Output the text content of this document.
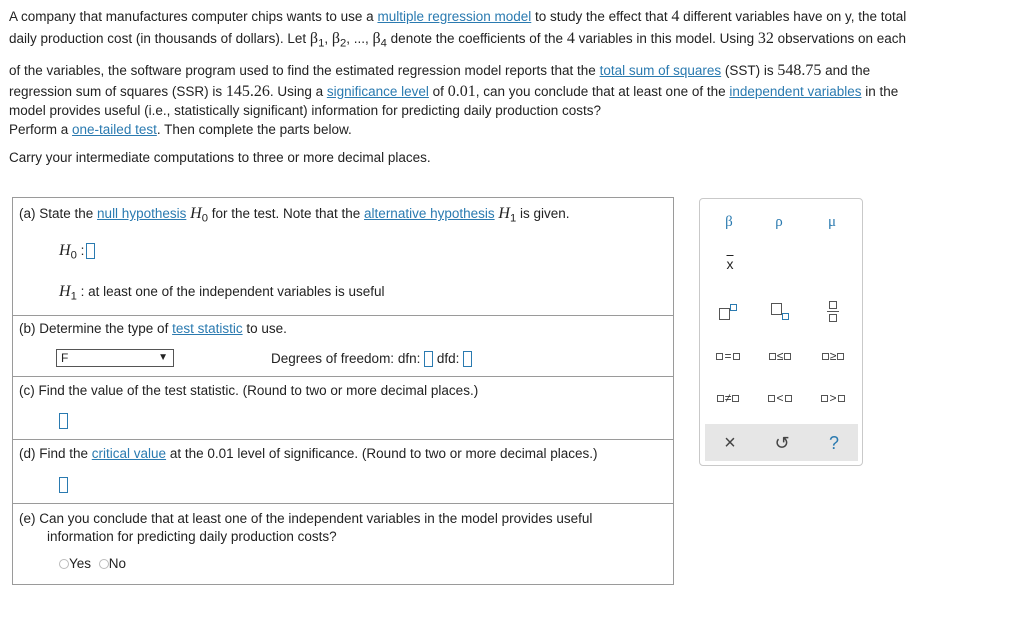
A company that manufactures computer chips wants to use a multiple regression model to study the effect that 4 different variables have on y, the total

daily production cost (in thousands of dollars). Let $\beta_1$, $\beta_2$, ..., $\beta_4$ denote the coefficients of the 4 variables in this model. Using 32 observations on each

of the variables, the software program used to find the estimated regression model reports that the total sum of squares (SST) is 548.75 and the

regression sum of squares (SSR) is 145.26. Using a significance level of 0.01, can you conclude that at least one of the independent variables in the

model provides useful (i.e., statistically significant) information for predicting daily production costs?

Perform a one-tailed test. Then complete the parts below.
Carry your intermediate computations to three or more decimal places.
(a) State the null hypothesis $H_0$ for the test. Note that the alternative hypothesis $H_1$ is given.
$H_0$ :
$H_1$ : at least one of the independent variables is useful
(b) Determine the type of test statistic to use.
F	▼	Degrees of freedom: dfn: dfd:
(c) Find the value of the test statistic. (Round to two or more decimal places.)
(d) Find the critical value at the 0.01 level of significance. (Round to two or more decimal places.)
(e) Can you conclude that at least one of the independent variables in the model provides useful
information for predicting daily production costs?
Yes No
β	ρ	μ
$\overline{x}$
=	≤	≥
≠	<	>
×	↺	?
